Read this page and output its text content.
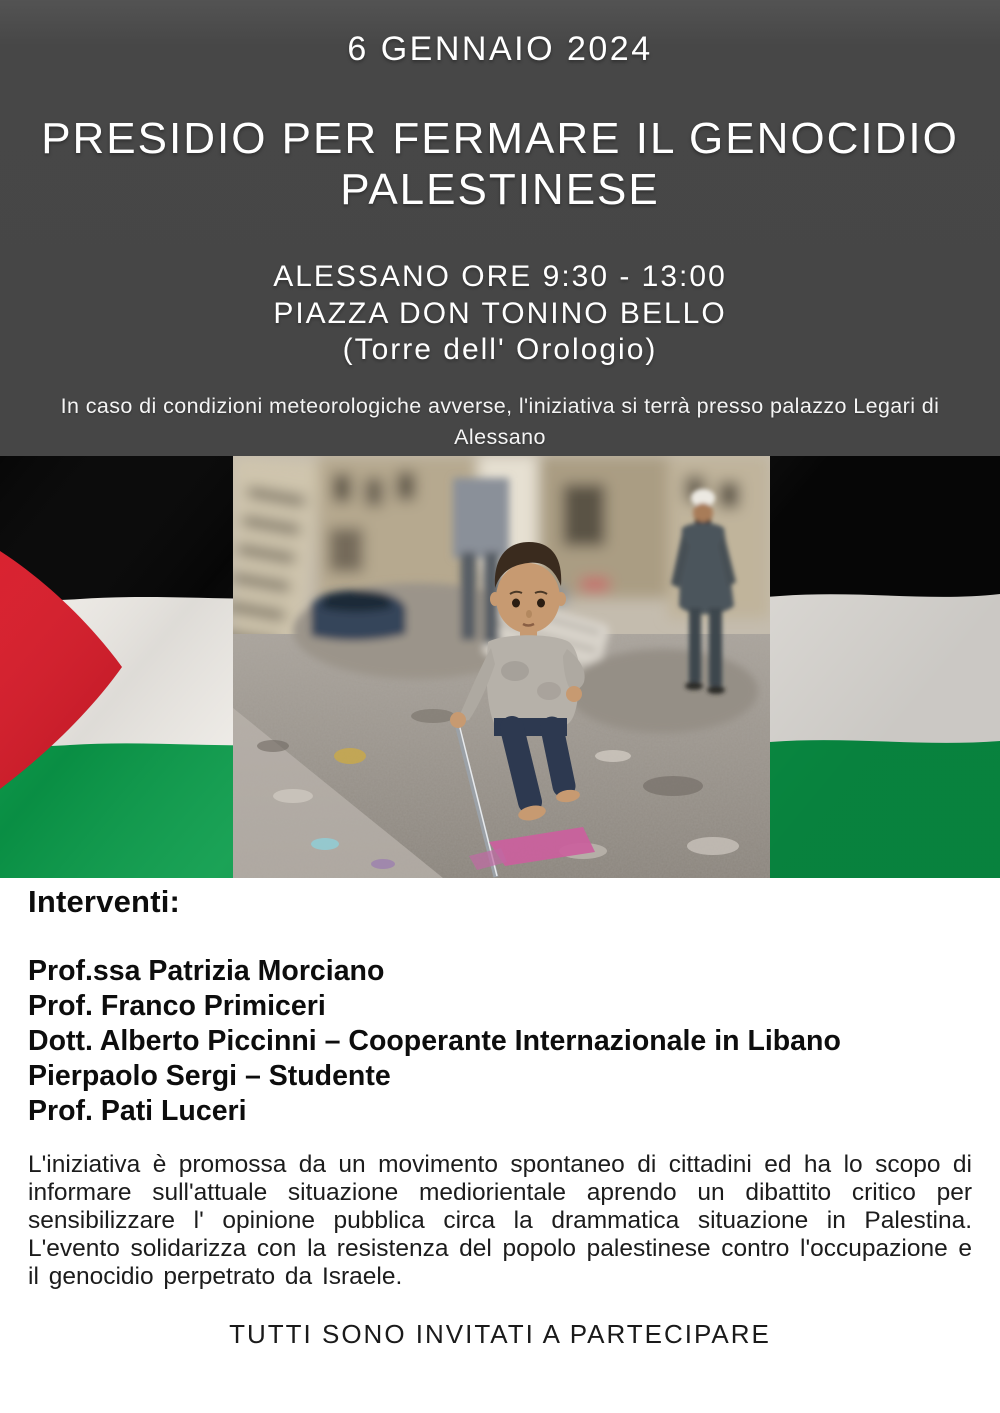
6 GENNAIO 2024
PRESIDIO PER FERMARE IL GENOCIDIO PALESTINESE
ALESSANO ORE 9:30 - 13:00
PIAZZA DON TONINO BELLO
(Torre dell' Orologio)
In caso di condizioni meteorologiche avverse, l'iniziativa si terrà presso palazzo Legari di Alessano
Interventi:
Prof.ssa Patrizia Morciano
Prof. Franco Primiceri
Dott. Alberto Piccinni – Cooperante Internazionale in Libano
Pierpaolo Sergi – Studente
Prof. Pati Luceri

L'iniziativa è promossa da un movimento spontaneo di cittadini ed ha lo scopo di informare sull'attuale situazione mediorientale aprendo un dibattito critico per sensibilizzare l' opinione pubblica circa la drammatica situazione in Palestina. L'evento solidarizza con la resistenza del popolo palestinese contro l'occupazione e il genocidio perpetrato da Israele.

TUTTI SONO INVITATI A PARTECIPARE
